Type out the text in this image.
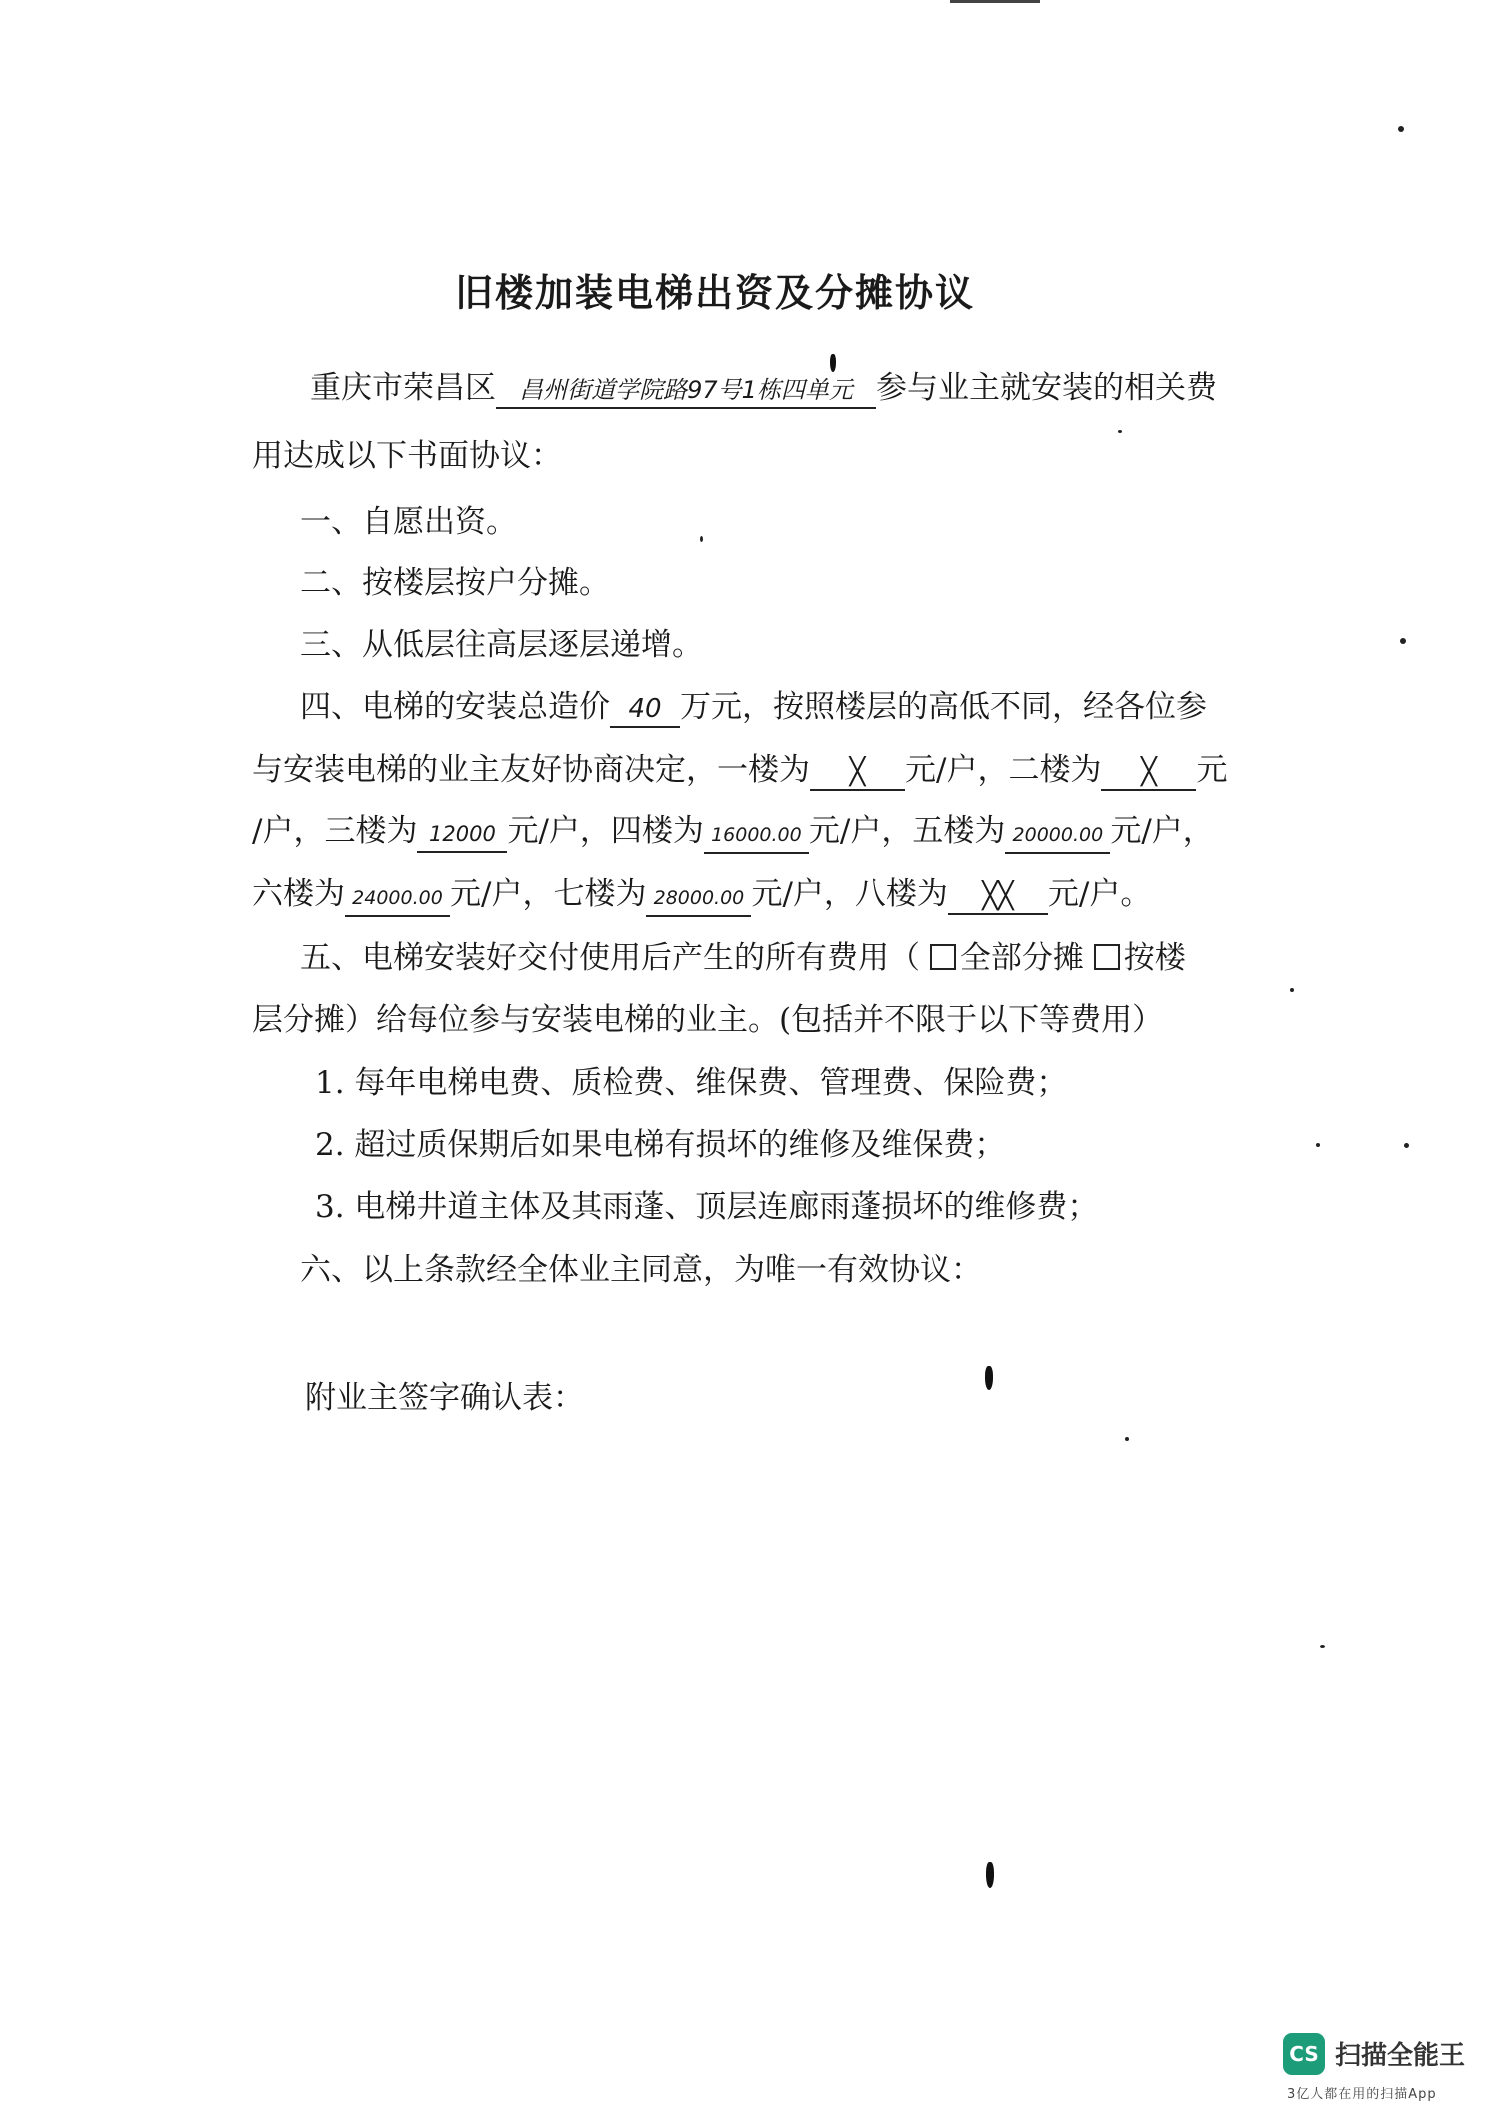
旧楼加装电梯出资及分摊协议
重庆市荣昌区 昌州街道学院路97号1栋四单元 参与业主就安装的相关费
用达成以下书面协议：
一、自愿出资。
二、按楼层按户分摊。
三、从低层往高层逐层递增。
四、电梯的安装总造价 40 万元，按照楼层的高低不同，经各位参
与安装电梯的业主友好协商决定，一楼为 ╳ 元/户，二楼为 ╳ 元
/户，三楼为 12000 元/户，四楼为 16000.00 元/户，五楼为 20000.00 元/户，
六楼为 24000.00 元/户，七楼为 28000.00 元/户，八楼为 ╳╳ 元/户。
五、电梯安装好交付使用后产生的所有费用（ 全部分摊 按楼
层分摊）给每位参与安装电梯的业主。(包括并不限于以下等费用）
1. 每年电梯电费、质检费、维保费、管理费、保险费；
2. 超过质保期后如果电梯有损坏的维修及维保费；
3. 电梯井道主体及其雨蓬、顶层连廊雨蓬损坏的维修费；
六、以上条款经全体业主同意，为唯一有效协议：
附业主签字确认表：
CS 扫描全能王
3亿人都在用的扫描App
